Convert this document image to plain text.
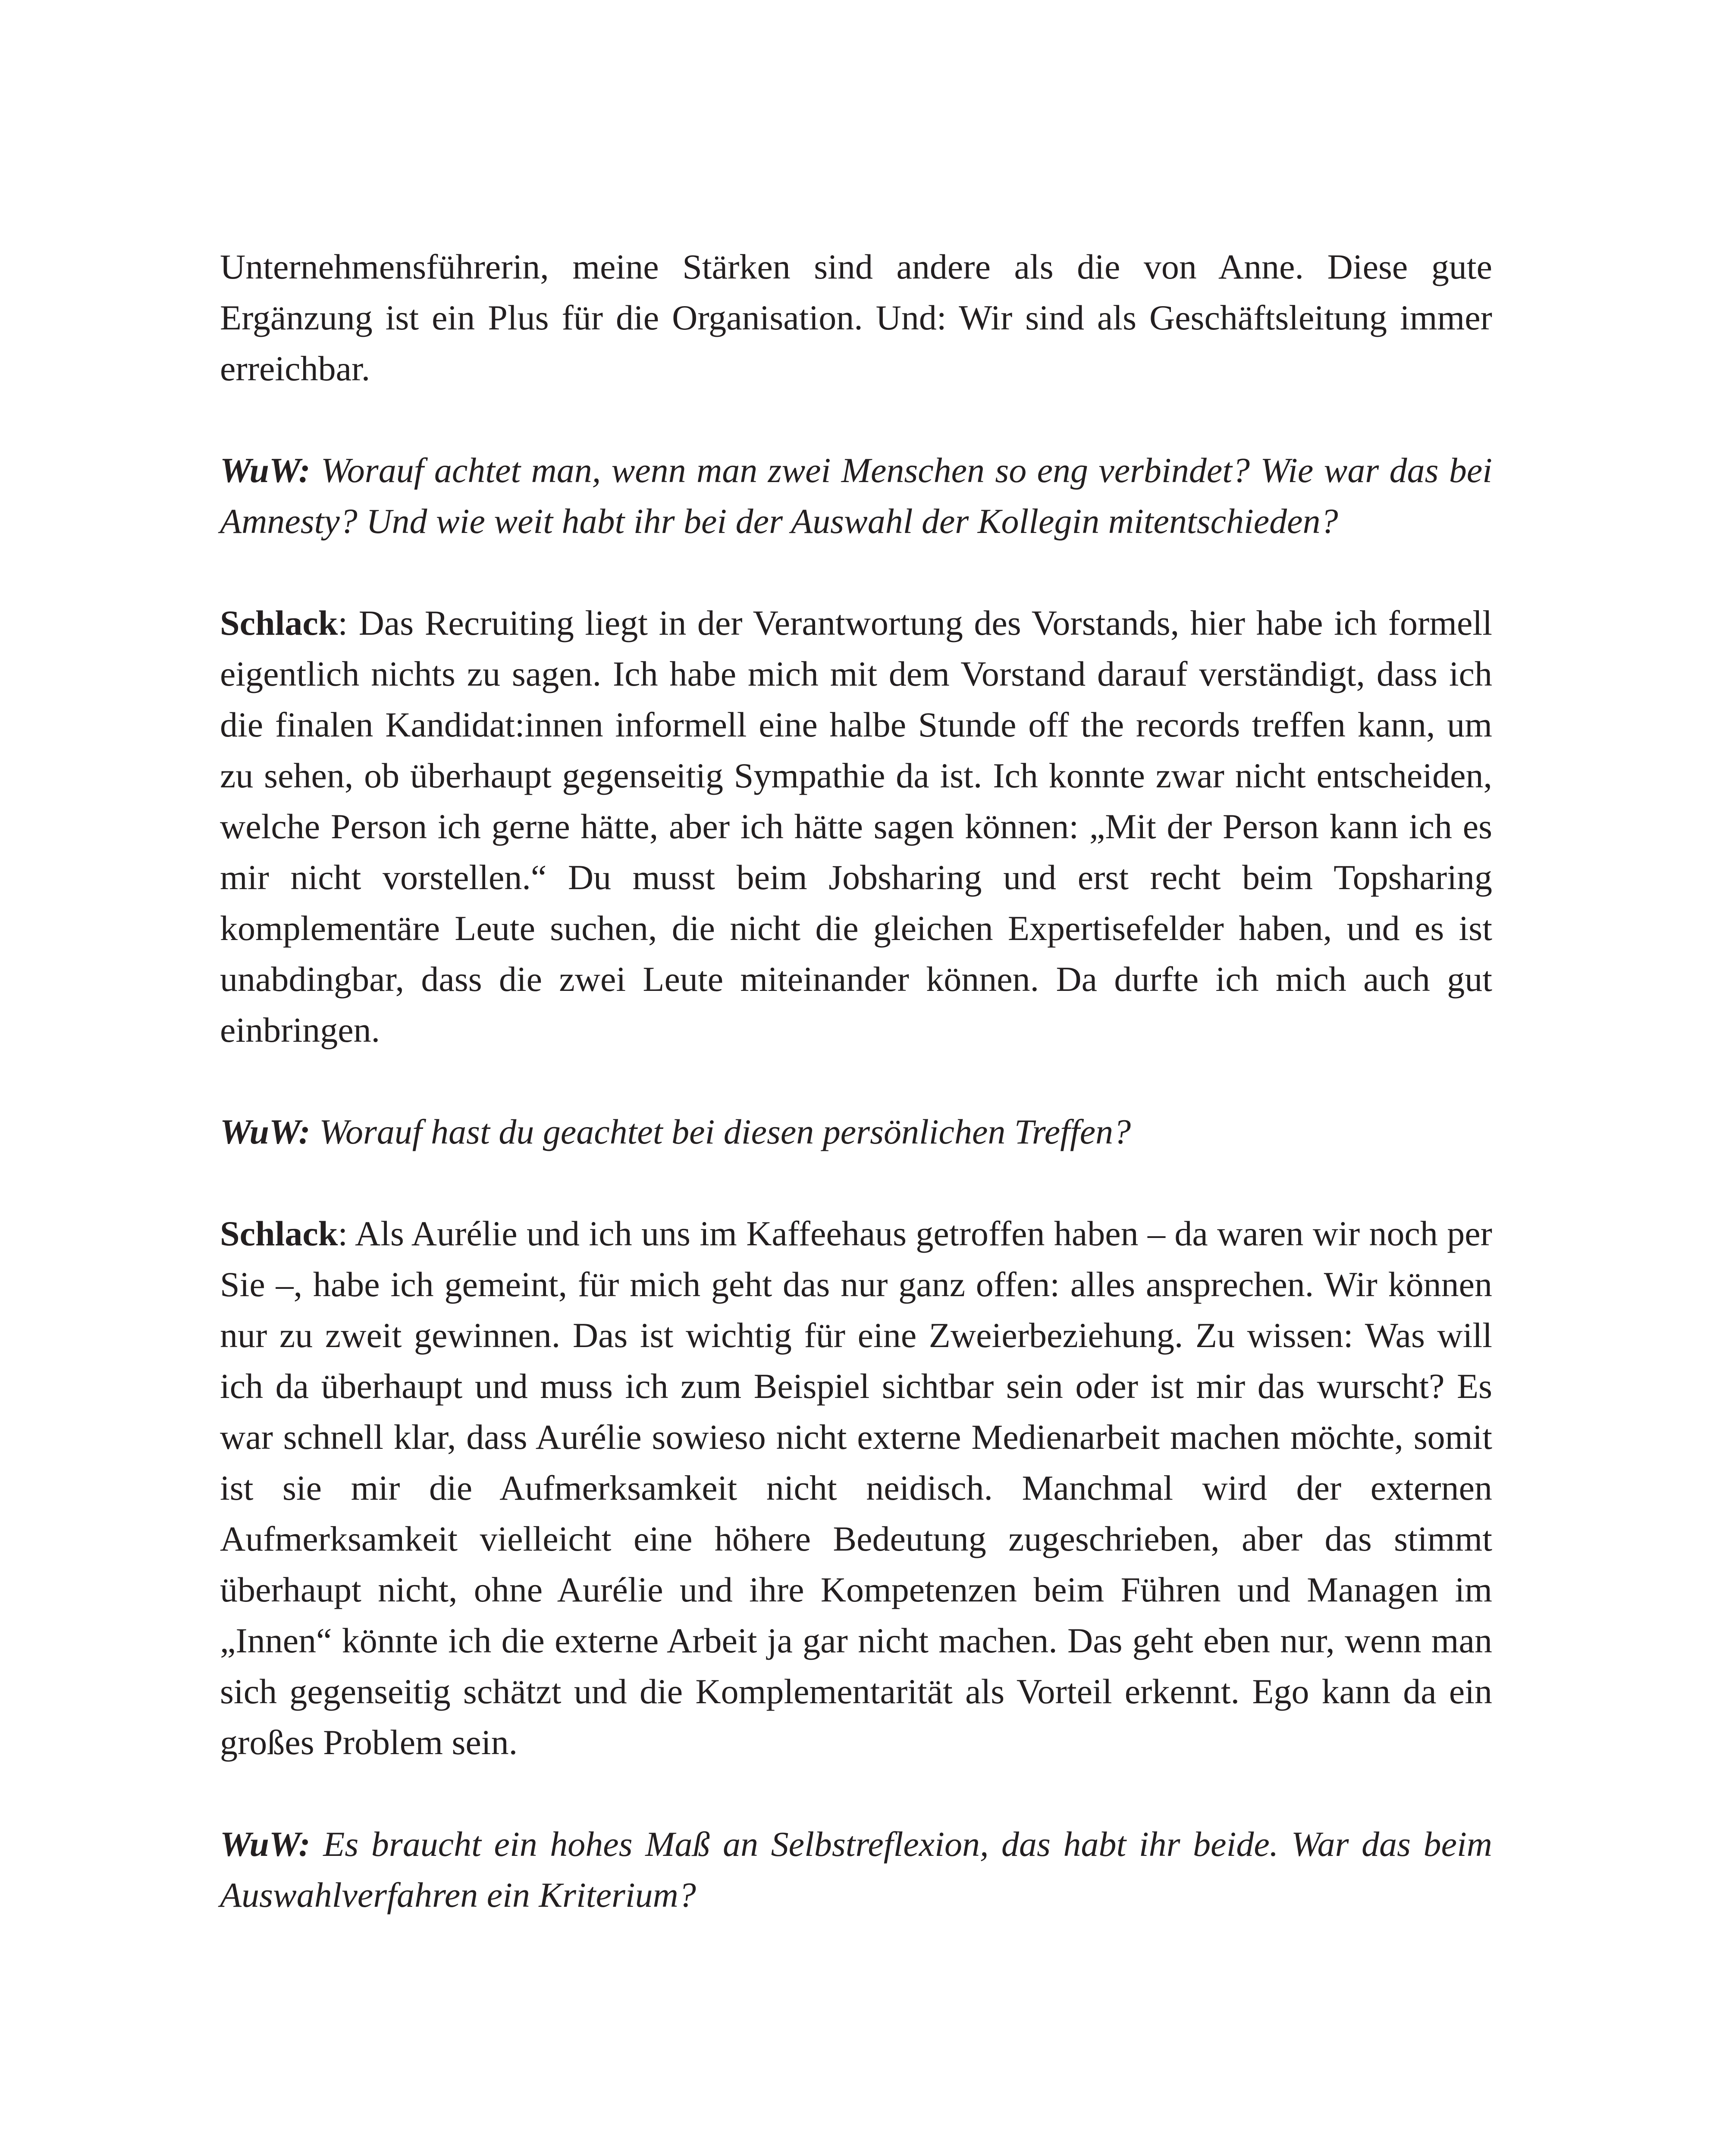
Unternehmensführerin, meine Stärken sind andere als die von Anne. Diese gute Ergänzung ist ein Plus für die Organisation. Und: Wir sind als Geschäftsleitung immer erreichbar.

WuW: Worauf achtet man, wenn man zwei Menschen so eng verbindet? Wie war das bei Amnesty? Und wie weit habt ihr bei der Auswahl der Kollegin mitentschieden?

Schlack: Das Recruiting liegt in der Verantwortung des Vorstands, hier habe ich formell eigentlich nichts zu sagen. Ich habe mich mit dem Vorstand darauf verständigt, dass ich die finalen Kandidat:innen informell eine halbe Stunde off the records treffen kann, um zu sehen, ob überhaupt gegenseitig Sympathie da ist. Ich konnte zwar nicht entscheiden, welche Person ich gerne hätte, aber ich hätte sagen können: „Mit der Person kann ich es mir nicht vorstellen.“ Du musst beim Jobsharing und erst recht beim Topsharing komplementäre Leute suchen, die nicht die gleichen Expertisefelder haben, und es ist unabdingbar, dass die zwei Leute miteinander können. Da durfte ich mich auch gut einbringen.

WuW: Worauf hast du geachtet bei diesen persönlichen Treffen?

Schlack: Als Aurélie und ich uns im Kaffeehaus getroffen haben – da waren wir noch per Sie –, habe ich gemeint, für mich geht das nur ganz offen: alles ansprechen. Wir können nur zu zweit gewinnen. Das ist wichtig für eine Zweierbeziehung. Zu wissen: Was will ich da überhaupt und muss ich zum Beispiel sichtbar sein oder ist mir das wurscht? Es war schnell klar, dass Aurélie sowieso nicht externe Medienarbeit machen möchte, somit ist sie mir die Aufmerksamkeit nicht neidisch. Manchmal wird der externen Aufmerksamkeit vielleicht eine höhere Bedeutung zugeschrieben, aber das stimmt überhaupt nicht, ohne Aurélie und ihre Kompetenzen beim Führen und Managen im „Innen“ könnte ich die externe Arbeit ja gar nicht machen. Das geht eben nur, wenn man sich gegenseitig schätzt und die Komplementarität als Vorteil erkennt. Ego kann da ein großes Problem sein.

WuW: Es braucht ein hohes Maß an Selbstreflexion, das habt ihr beide. War das beim Auswahlverfahren ein Kriterium?
